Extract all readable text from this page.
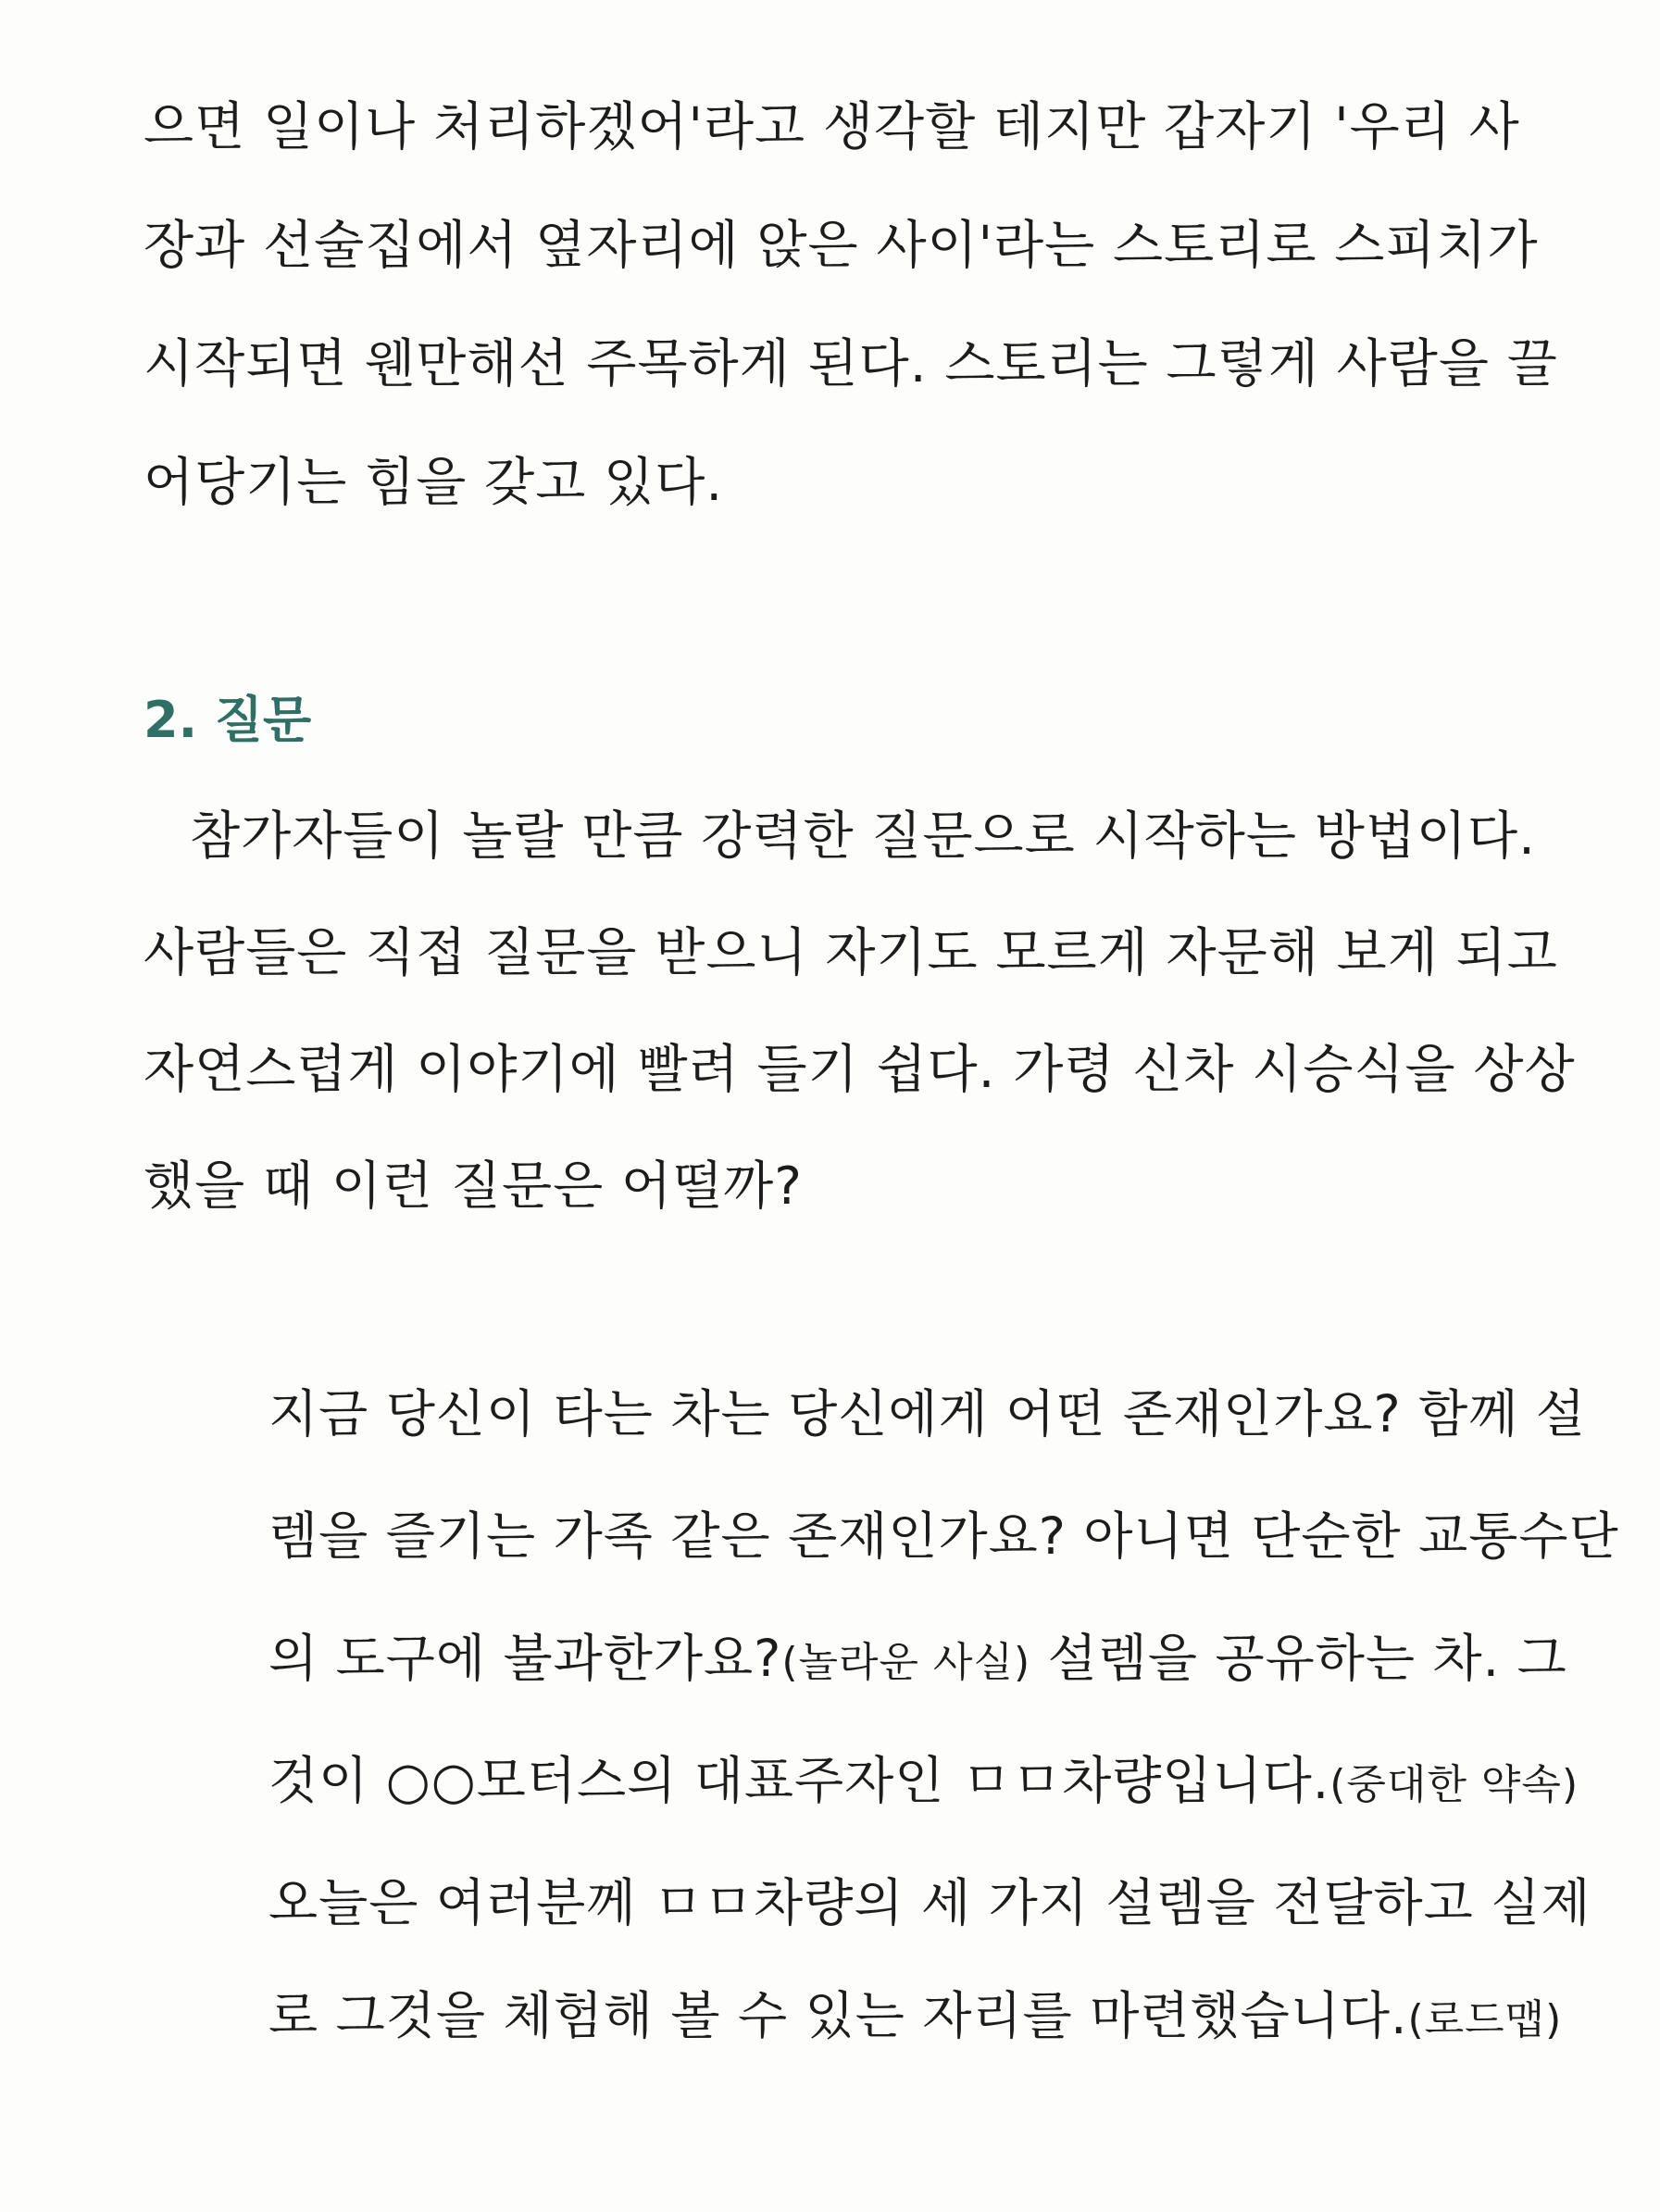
으면 일이나 처리하겠어'라고 생각할 테지만 갑자기 '우리 사
장과 선술집에서 옆자리에 앉은 사이'라는 스토리로 스피치가
시작되면 웬만해선 주목하게 된다. 스토리는 그렇게 사람을 끌
어당기는 힘을 갖고 있다.
2. 질문
참가자들이 놀랄 만큼 강력한 질문으로 시작하는 방법이다.
사람들은 직접 질문을 받으니 자기도 모르게 자문해 보게 되고
자연스럽게 이야기에 빨려 들기 쉽다. 가령 신차 시승식을 상상
했을 때 이런 질문은 어떨까?
지금 당신이 타는 차는 당신에게 어떤 존재인가요? 함께 설
렘을 즐기는 가족 같은 존재인가요? 아니면 단순한 교통수단
의 도구에 불과한가요?(놀라운 사실) 설렘을 공유하는 차. 그
것이 ○○모터스의 대표주자인 ㅁㅁ차량입니다.(중대한 약속)
오늘은 여러분께 ㅁㅁ차량의 세 가지 설렘을 전달하고 실제
로 그것을 체험해 볼 수 있는 자리를 마련했습니다.(로드맵)
